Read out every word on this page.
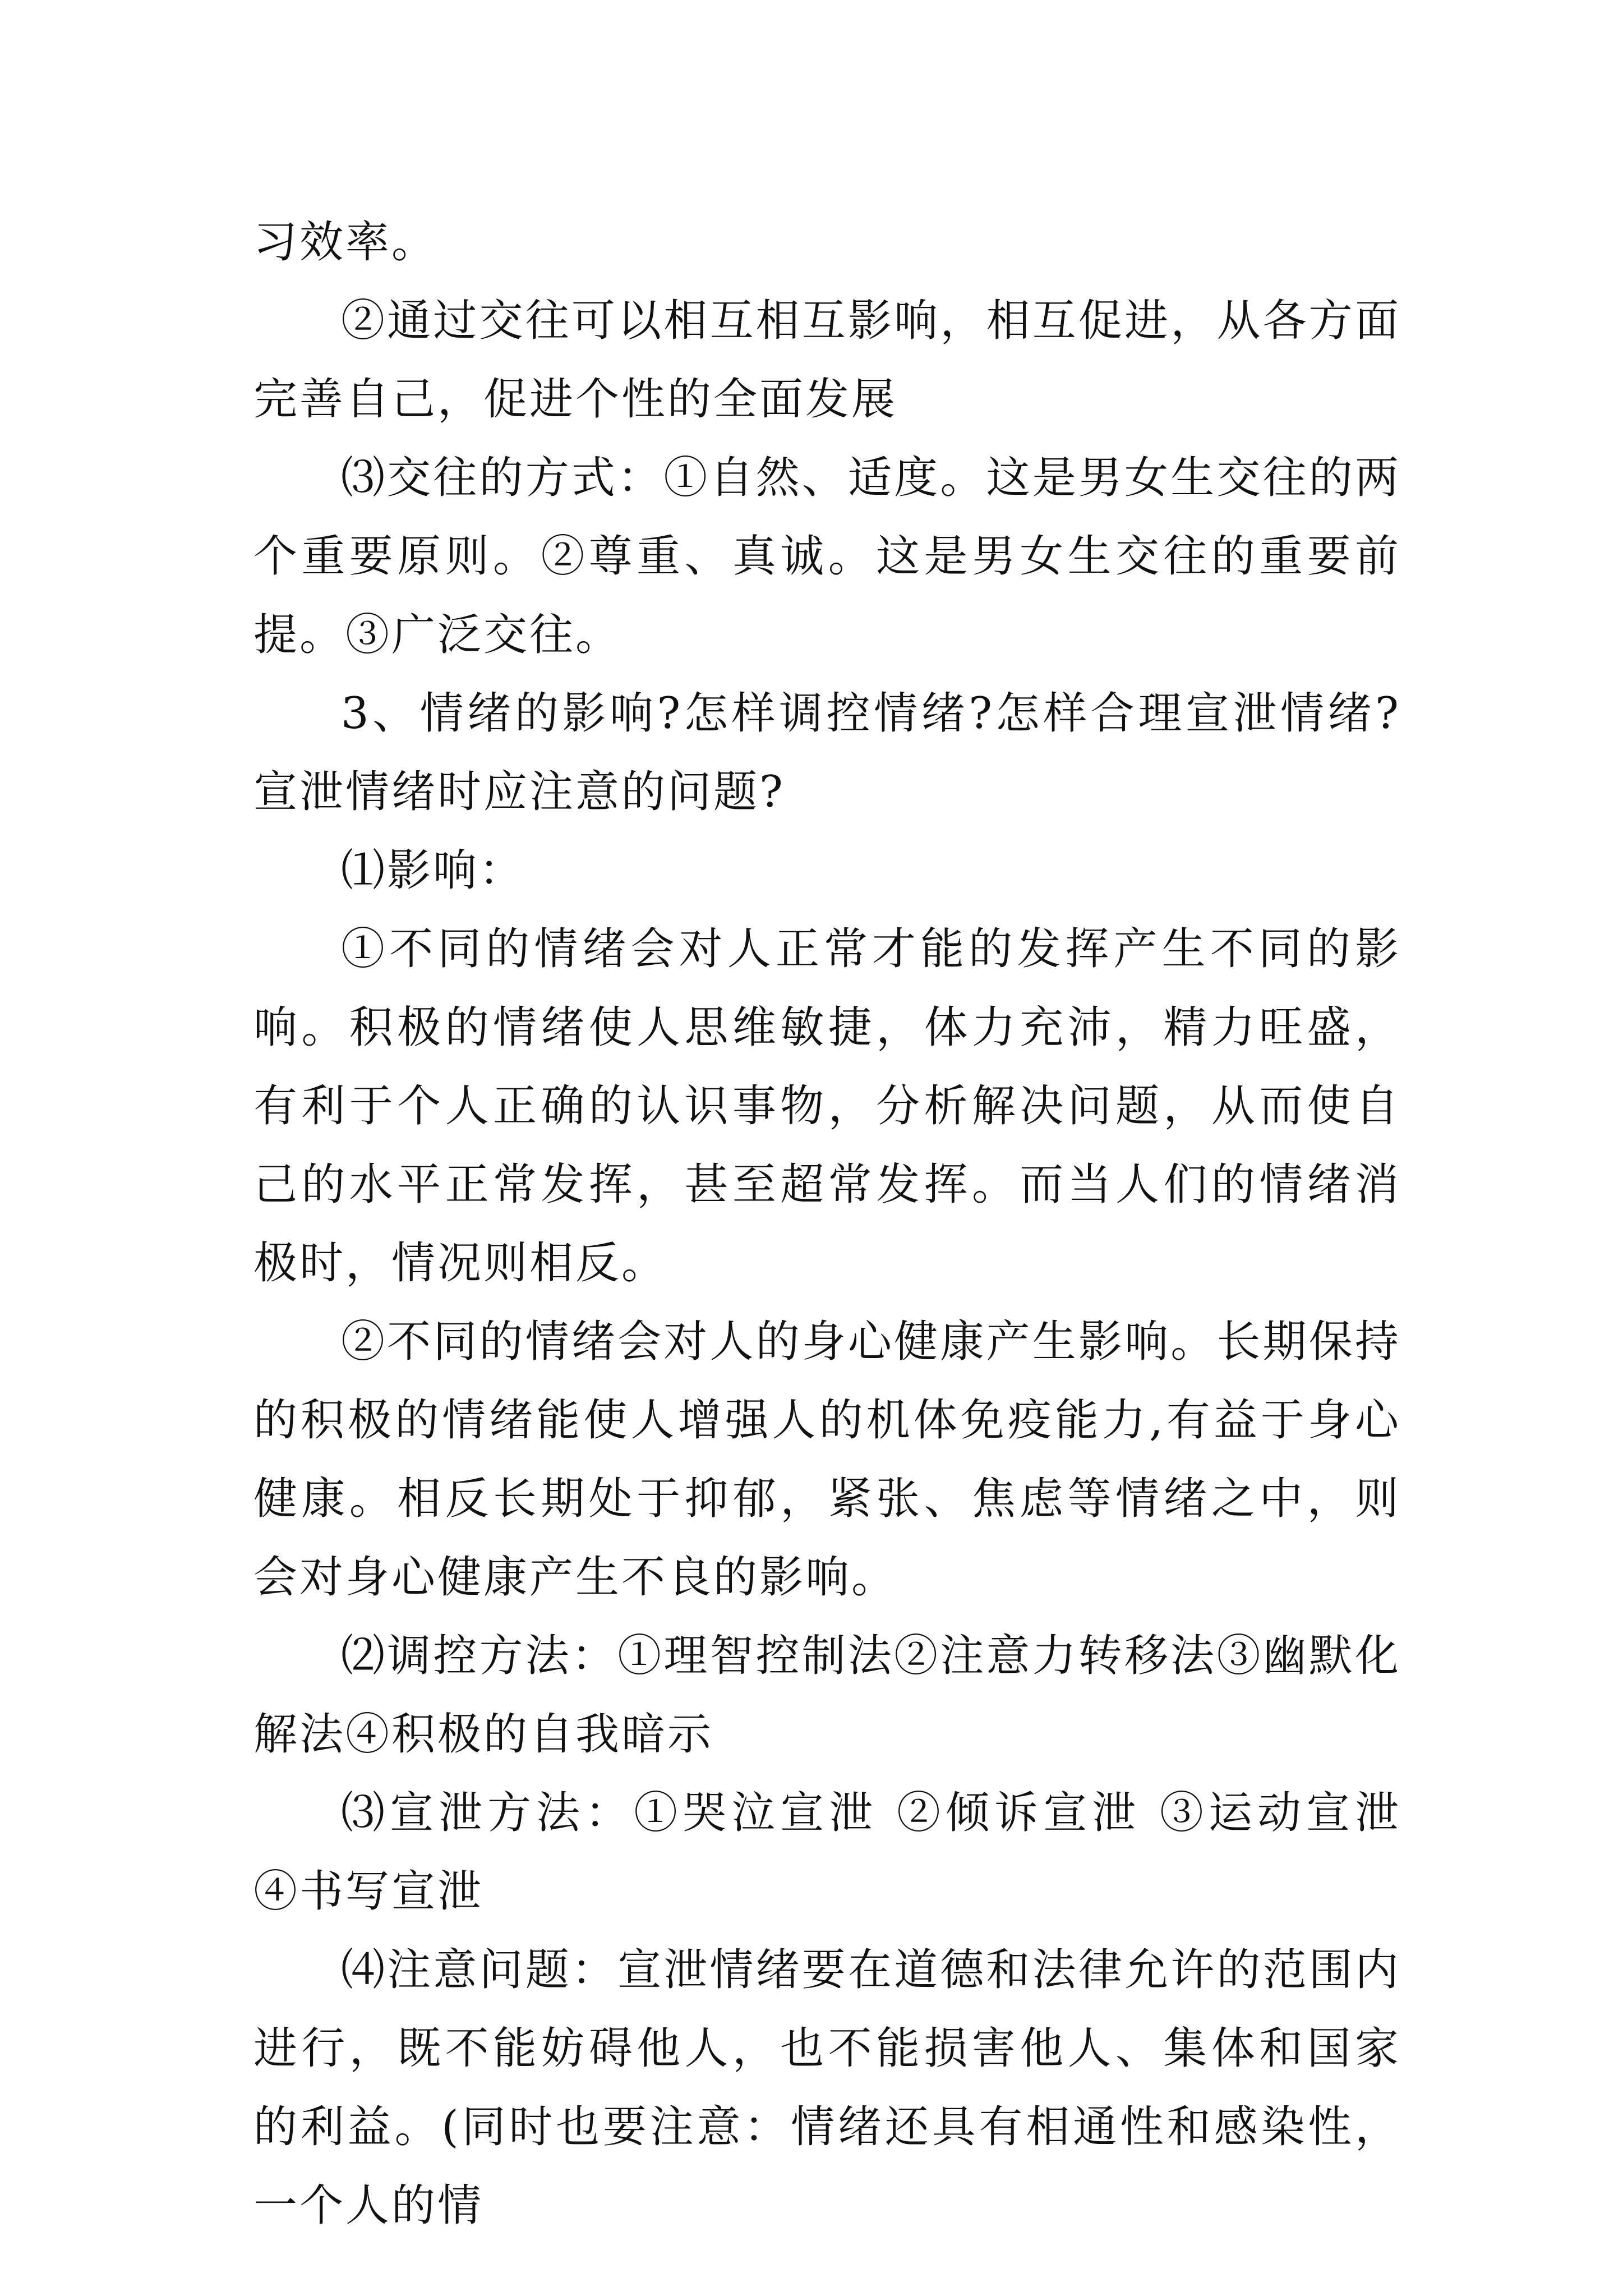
习效率。

②通过交往可以相互相互影响，相互促进，从各方面完善自己，促进个性的全面发展

⑶交往的方式：①自然、适度。这是男女生交往的两个重要原则。②尊重、真诚。这是男女生交往的重要前提。③广泛交往。

3、情绪的影响?怎样调控情绪?怎样合理宣泄情绪?宣泄情绪时应注意的问题?

⑴影响：

①不同的情绪会对人正常才能的发挥产生不同的影响。积极的情绪使人思维敏捷，体力充沛，精力旺盛，有利于个人正确的认识事物，分析解决问题，从而使自己的水平正常发挥，甚至超常发挥。而当人们的情绪消极时，情况则相反。

②不同的情绪会对人的身心健康产生影响。长期保持的积极的情绪能使人增强人的机体免疫能力,有益于身心健康。相反长期处于抑郁，紧张、焦虑等情绪之中，则会对身心健康产生不良的影响。

⑵调控方法：①理智控制法②注意力转移法③幽默化解法④积极的自我暗示

⑶宣泄方法：①哭泣宣泄 ②倾诉宣泄 ③运动宣泄 ④书写宣泄

⑷注意问题：宣泄情绪要在道德和法律允许的范围内进行，既不能妨碍他人，也不能损害他人、集体和国家的利益。(同时也要注意：情绪还具有相通性和感染性，一个人的情
